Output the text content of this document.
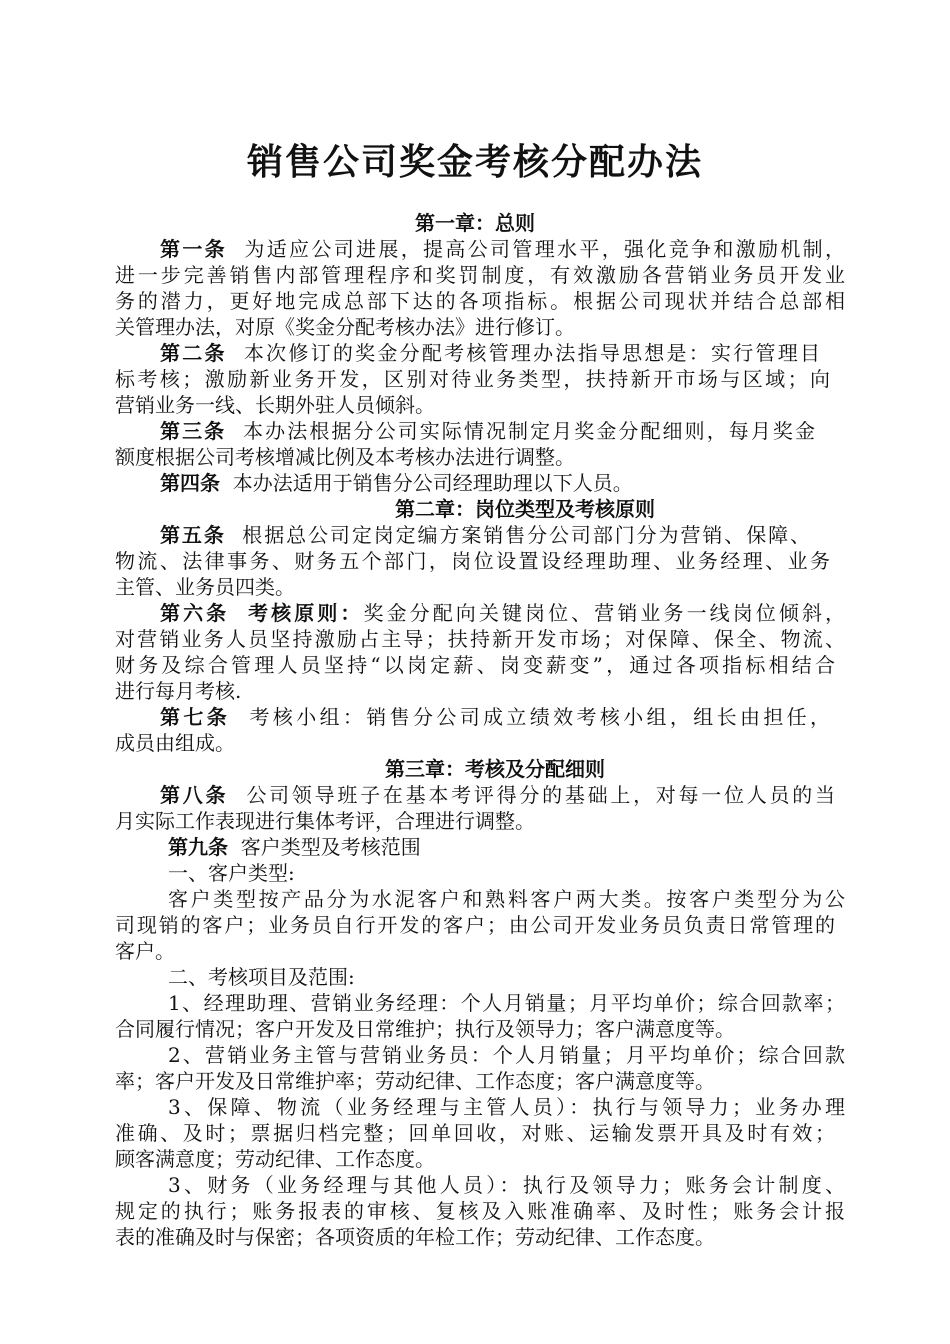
销售公司奖金考核分配办法
第一章：总则
第一条 为适应公司进展，提高公司管理水平，强化竞争和激励机制，
进一步完善销售内部管理程序和奖罚制度，有效激励各营销业务员开发业
务的潜力，更好地完成总部下达的各项指标。根据公司现状并结合总部相
关管理办法，对原《奖金分配考核办法》进行修订。
第二条 本次修订的奖金分配考核管理办法指导思想是：实行管理目
标考核；激励新业务开发，区别对待业务类型，扶持新开市场与区域；向
营销业务一线、长期外驻人员倾斜。
第三条 本办法根据分公司实际情况制定月奖金分配细则，每月奖金
额度根据公司考核增减比例及本考核办法进行调整。
第四条 本办法适用于销售分公司经理助理以下人员。
第二章：岗位类型及考核原则
第五条 根据总公司定岗定编方案销售分公司部门分为营销、保障、
物流、法律事务、财务五个部门，岗位设置设经理助理、业务经理、业务
主管、业务员四类。
第六条 考核原则：奖金分配向关键岗位、营销业务一线岗位倾斜，
对营销业务人员坚持激励占主导；扶持新开发市场；对保障、保全、物流、
财务及综合管理人员坚持“以岗定薪、岗变薪变”，通过各项指标相结合
进行每月考核.
第七条 考核小组：销售分公司成立绩效考核小组，组长由担任，
成员由组成。
第三章：考核及分配细则
第八条 公司领导班子在基本考评得分的基础上，对每一位人员的当
月实际工作表现进行集体考评，合理进行调整。
第九条 客户类型及考核范围
一、客户类型:
客户类型按产品分为水泥客户和熟料客户两大类。按客户类型分为公
司现销的客户；业务员自行开发的客户；由公司开发业务员负责日常管理的
客户。
二、考核项目及范围:
1、经理助理、营销业务经理：个人月销量；月平均单价；综合回款率；
合同履行情况；客户开发及日常维护；执行及领导力；客户满意度等。
2、营销业务主管与营销业务员：个人月销量；月平均单价；综合回款
率；客户开发及日常维护率；劳动纪律、工作态度；客户满意度等。
3、保障、物流（业务经理与主管人员）：执行与领导力；业务办理
准确、及时；票据归档完整；回单回收，对账、运输发票开具及时有效；
顾客满意度；劳动纪律、工作态度。
3、财务（业务经理与其他人员）：执行及领导力；账务会计制度、
规定的执行；账务报表的审核、复核及入账准确率、及时性；账务会计报
表的准确及时与保密；各项资质的年检工作；劳动纪律、工作态度。
